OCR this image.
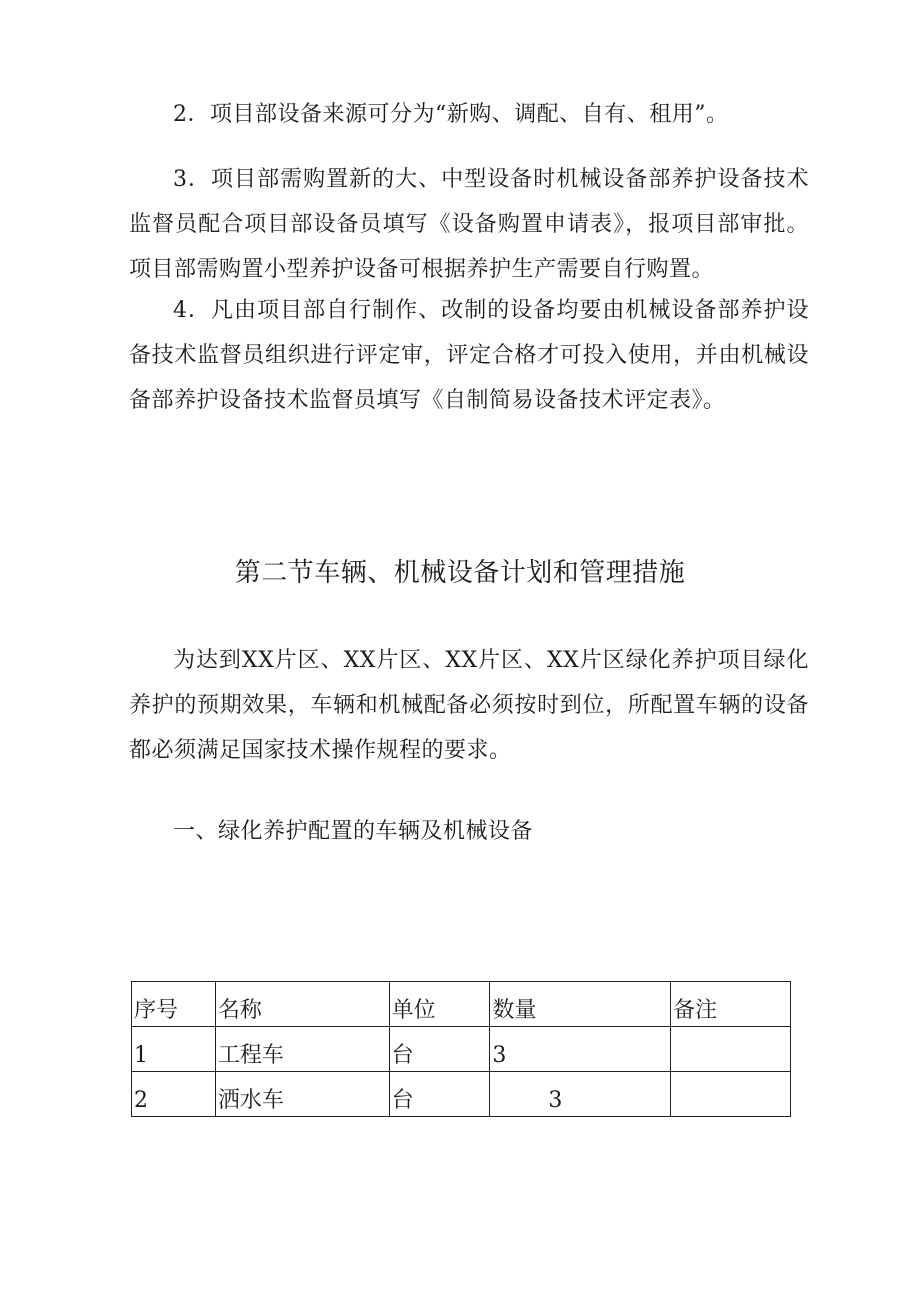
2．项目部设备来源可分为“新购、调配、自有、租用”。

3．项目部需购置新的大、中型设备时机械设备部养护设备技术监督员配合项目部设备员填写《设备购置申请表》，报项目部审批。项目部需购置小型养护设备可根据养护生产需要自行购置。

4．凡由项目部自行制作、改制的设备均要由机械设备部养护设备技术监督员组织进行评定审，评定合格才可投入使用，并由机械设备部养护设备技术监督员填写《自制简易设备技术评定表》。

第二节车辆、机械设备计划和管理措施

为达到XX片区、XX片区、XX片区、XX片区绿化养护项目绿化养护的预期效果，车辆和机械配备必须按时到位，所配置车辆的设备都必须满足国家技术操作规程的要求。

一、绿化养护配置的车辆及机械设备
序号	名称	单位	数量	备注
1	工程车	台	3	
2	洒水车	台	3	
